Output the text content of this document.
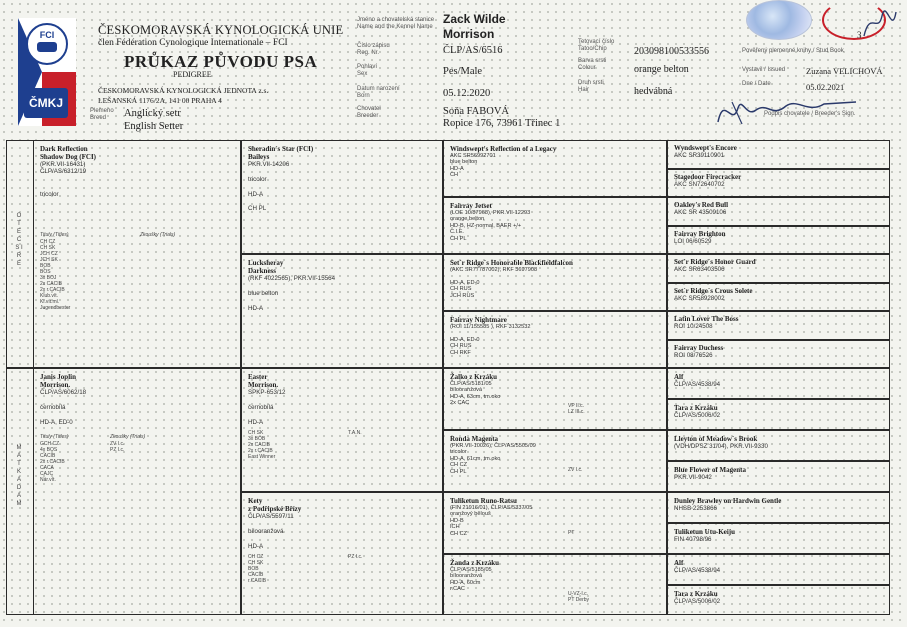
FCI
ČMKJ
ČESKOMORAVSKÁ KYNOLOGICKÁ UNIE
člen Fédération Cynologique Internationale – FCI
PRŮKAZ PŮVODU PSA
PEDIGREE
ČESKOMORAVSKÁ KYNOLOGICKÁ JEDNOTA z.s.
LEŠANSKÁ 1176/2A, 141 00 PRAHA 4
Plemeno
Breed	Anglický setr
English Setter
Jméno a chovatelská stanice
Name and the Kennel Name
Zack Wilde
Morrison
Číslo zápisu
Reg. Nr.	ČLP/AS/6516
Pohlaví
Sex	Pes/Male
Datum narození
Born	05.12.2020
Chovatel
Breeder	Soňa FABOVÁ
Ropice 176, 73961 Třinec 1
Tetovací číslo
Tatoo/Chip	203098100533556
Barva srsti
Colour	orange belton
Druh srsti
Hair	hedvábná
3
Pověřený plemenné knihy / Stud Book
Vystavil / Issued Zuzana VELICHOVÁ
Dne / Date	05.02.2021
Podpis chovatele / Breeder's Sign.
O T E C   S I R E
M A T K A   D A M
Dark Reflection
Shadow Dog (FCI)
(PKR.VII-16431)
ČLP/AS/6312/19

tricolor
Tituly (Titles)	Zkoušky (Trials)
CH CZ
CH SK
JCH CZ
JCH SK
BOB
BOS
3x BOJ
2x CACIB
2x r.CACIB
Klub.vít.
Kl.vít.ml.
Jugendbester
Janis Joplin
Morrison.
ČLP/AS/6062/18

černobílá

HD-A, ED-0
Tituly (Titles)	Zkoušky (Trials)
GCH CZ
4x BOS
CACIB
2x r.CACIB
CACA
CAJC
Nár.vít.
ZV I.c.
PZ I.c.
Sheradin´s Star (FCI)
Baileys
PKR.VII-14206

tricolor

HD-A

CH PL
Lucksheray
Darkness
(RKF 4022565), PKR.VII-15564

blue belton

HD-A
Easter
Morrison.
SPKP-653/12

černobílá

HD-A
CH SK
3x BOB
2x CACIB
2x r.CACIB
East Winner
T.A.N.
Kety
z Podřipské Břízy
ČLP/AS/5597/11

bílooranžová

HD-A
CH CZ
CH SK
BOB
CACIB
r.CACIB
PZ I.c.
Windswept's Reflection of a Legacy
AKC SR56992701
blue belton
HD-A
CH
Fairray Jetset
(LOE 10/87968), PKR.VII-12293
orange belton
HD-B, HZ-normal, BAER +/+
C.I.E.
CH PL
Set´r Ridge´s Honorable Blackfieldfalcon
(AKC SR77787002), RKF 3697908

HD-A, ED-0
CH RUS
JCH RUS
Fairray Nightmare
(ROI 11/155585 ), RKF 3132532

HD-A, ED-0
CH RUS
CH RKF
Žalko z Krzáku
ČLP/AS/5181/05
bílooranžová
HD-A, 63cm, tm.oko
2x CAC	VP II.c.
LZ III.c.
Ronda Magenta
(PKR.VII-10026), ČLP/AS/5505/09
tricolor
HD-A, 61cm, tm.oko
CH CZ
CH PL	ZV I.c.
Tuliketun Runo-Ratsu
(FIN 21916/01), ČLP/AS/5337/05
oranžový bělouš
HD-B
ICH
CH CZ	PT
Žanda z Krzáku
ČLP/AS/5185/05
bílooranžová
HD-A, 60cm
r.CAC
U-VZ-I.c.
PT Derby
Wyndswept's Encore
AKC SR39110901
Stagedoor Firecracker
AKC SN72640702
Oakley's Red Bull
AKC SR 43509106
Fairray Brighton
LOI 06/60529
Set´r Ridge´s Honor Guard
AKC SR63403506
Set´r Ridge´s Crous Solete
AKC SR58928002
Latin Lover The Boss
ROI 10/24508
Fairray Duchess
ROI 08/76526
Alf
ČLP/AS/4538/94
Tara z Krzáku
ČLP/AS/5006/02
Lleyton of Meadow´s Brook
(VDH/DPSZ 31/04), PKR.VII-9330
Blue Flower of Magenta
PKR.VII-9042
Dunley Brawley on Hardwin Gentle
NHSB 2253866
Tuliketun Utu-Keiju
FIN 40798/96
Alf
ČLP/AS/4538/94
Tara z Krzáku
ČLP/AS/5006/02
